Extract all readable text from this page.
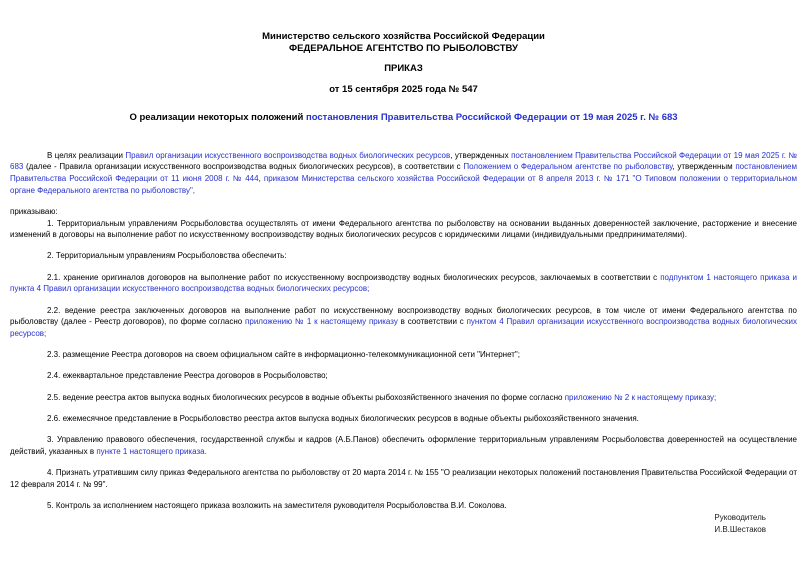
Министерство сельского хозяйства Российской Федерации
ФЕДЕРАЛЬНОЕ АГЕНТСТВО ПО РЫБОЛОВСТВУ
ПРИКАЗ
от 15 сентября 2025 года № 547
О реализации некоторых положений постановления Правительства Российской Федерации от 19 мая 2025 г. № 683
В целях реализации Правил организации искусственного воспроизводства водных биологических ресурсов, утвержденных постановлением Правительства Российской Федерации от 19 мая 2025 г. № 683 (далее - Правила организации искусственного воспроизводства водных биологических ресурсов), в соответствии с Положением о Федеральном агентстве по рыболовству, утвержденным постановлением Правительства Российской Федерации от 11 июня 2008 г. № 444, приказом Министерства сельского хозяйства Российской Федерации от 8 апреля 2013 г. № 171 "О Типовом положении о территориальном органе Федерального агентства по рыболовству",
приказываю:
1. Территориальным управлениям Росрыболовства осуществлять от имени Федерального агентства по рыболовству на основании выданных доверенностей заключение, расторжение и внесение изменений в договоры на выполнение работ по искусственному воспроизводству водных биологических ресурсов с юридическими лицами (индивидуальными предпринимателями).
2. Территориальным управлениям Росрыболовства обеспечить:
2.1. хранение оригиналов договоров на выполнение работ по искусственному воспроизводству водных биологических ресурсов, заключаемых в соответствии с подпунктом 1 настоящего приказа и пункта 4 Правил организации искусственного воспроизводства водных биологических ресурсов;
2.2. ведение реестра заключенных договоров на выполнение работ по искусственному воспроизводству водных биологических ресурсов, в том числе от имени Федерального агентства по рыболовству (далее - Реестр договоров), по форме согласно приложению № 1 к настоящему приказу в соответствии с пунктом 4 Правил организации искусственного воспроизводства водных биологических ресурсов;
2.3. размещение Реестра договоров на своем официальном сайте в информационно-телекоммуникационной сети "Интернет";
2.4. ежеквартальное представление Реестра договоров в Росрыболовство;
2.5. ведение реестра актов выпуска водных биологических ресурсов в водные объекты рыбохозяйственного значения по форме согласно приложению № 2 к настоящему приказу;
2.6. ежемесячное представление в Росрыболовство реестра актов выпуска водных биологических ресурсов в водные объекты рыбохозяйственного значения.
3. Управлению правового обеспечения, государственной службы и кадров (А.Б.Панов) обеспечить оформление территориальным управлениям Росрыболовства доверенностей на осуществление действий, указанных в пункте 1 настоящего приказа.
4. Признать утратившим силу приказ Федерального агентства по рыболовству от 20 марта 2014 г. № 155 "О реализации некоторых положений постановления Правительства Российской Федерации от 12 февраля 2014 г. № 99".
5. Контроль за исполнением настоящего приказа возложить на заместителя руководителя Росрыболовства В.И. Соколова.
Руководитель
И.В.Шестаков
